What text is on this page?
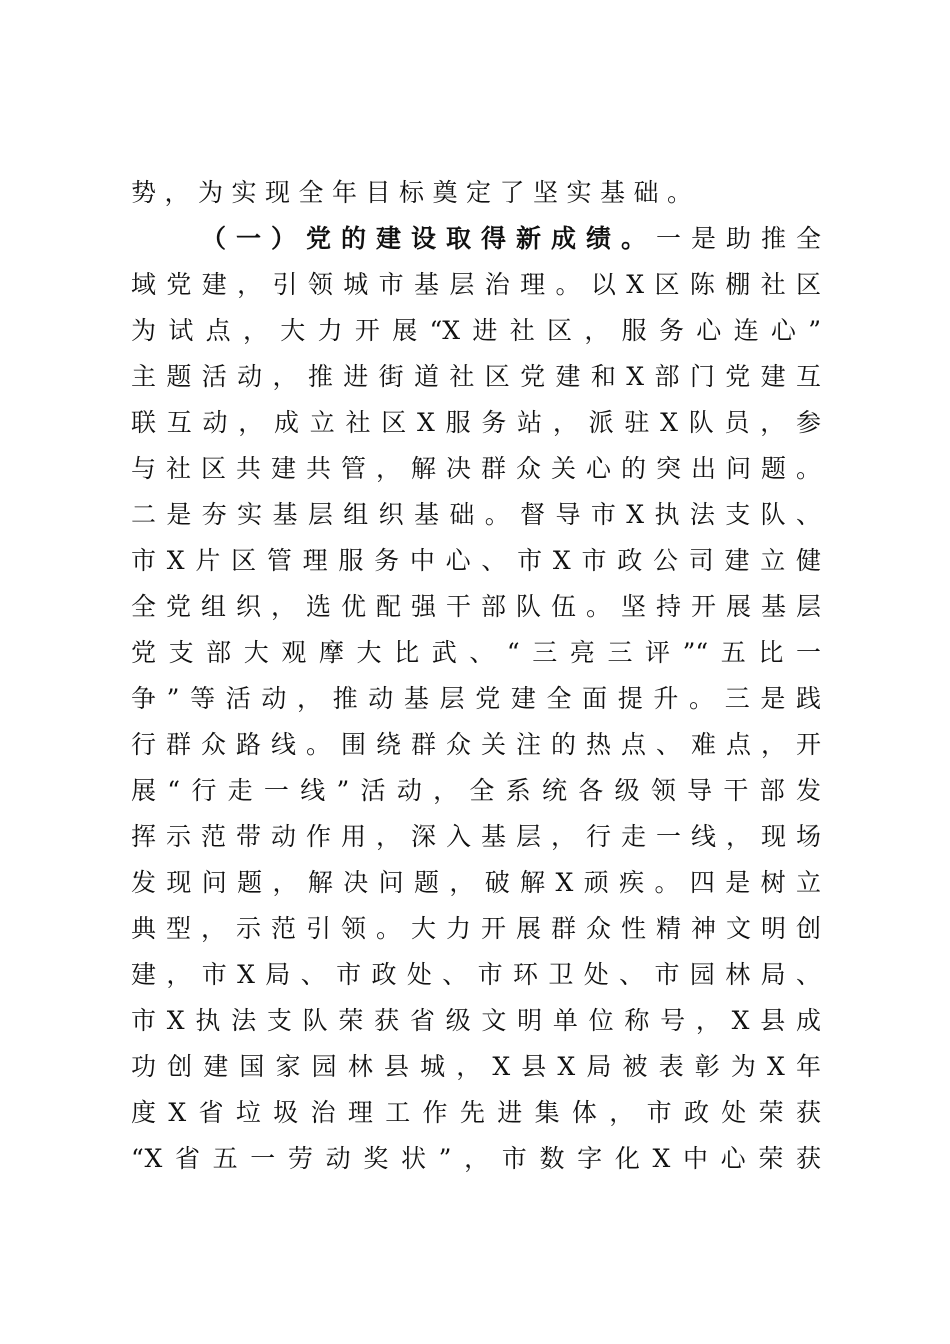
势，为实现全年目标奠定了坚实基础。
（一）党的建设取得新成绩。一是助推全
域党建，引领城市基层治理。以X区陈棚社区
为试点，大力开展“X进社区，服务心连心”
主题活动，推进街道社区党建和X部门党建互
联互动，成立社区X服务站，派驻X队员，参
与社区共建共管，解决群众关心的突出问题。
二是夯实基层组织基础。督导市X执法支队、
市X片区管理服务中心、市X市政公司建立健
全党组织，选优配强干部队伍。坚持开展基层
党支部大观摩大比武、“三亮三评”“五比一
争”等活动，推动基层党建全面提升。三是践
行群众路线。围绕群众关注的热点、难点，开
展“行走一线”活动，全系统各级领导干部发
挥示范带动作用，深入基层，行走一线，现场
发现问题，解决问题，破解X顽疾。四是树立
典型，示范引领。大力开展群众性精神文明创
建，市X局、市政处、市环卫处、市园林局、
市X执法支队荣获省级文明单位称号，X县成
功创建国家园林县城，X县X局被表彰为X年
度X省垃圾治理工作先进集体，市政处荣获
“X省五一劳动奖状”，市数字化X中心荣获
